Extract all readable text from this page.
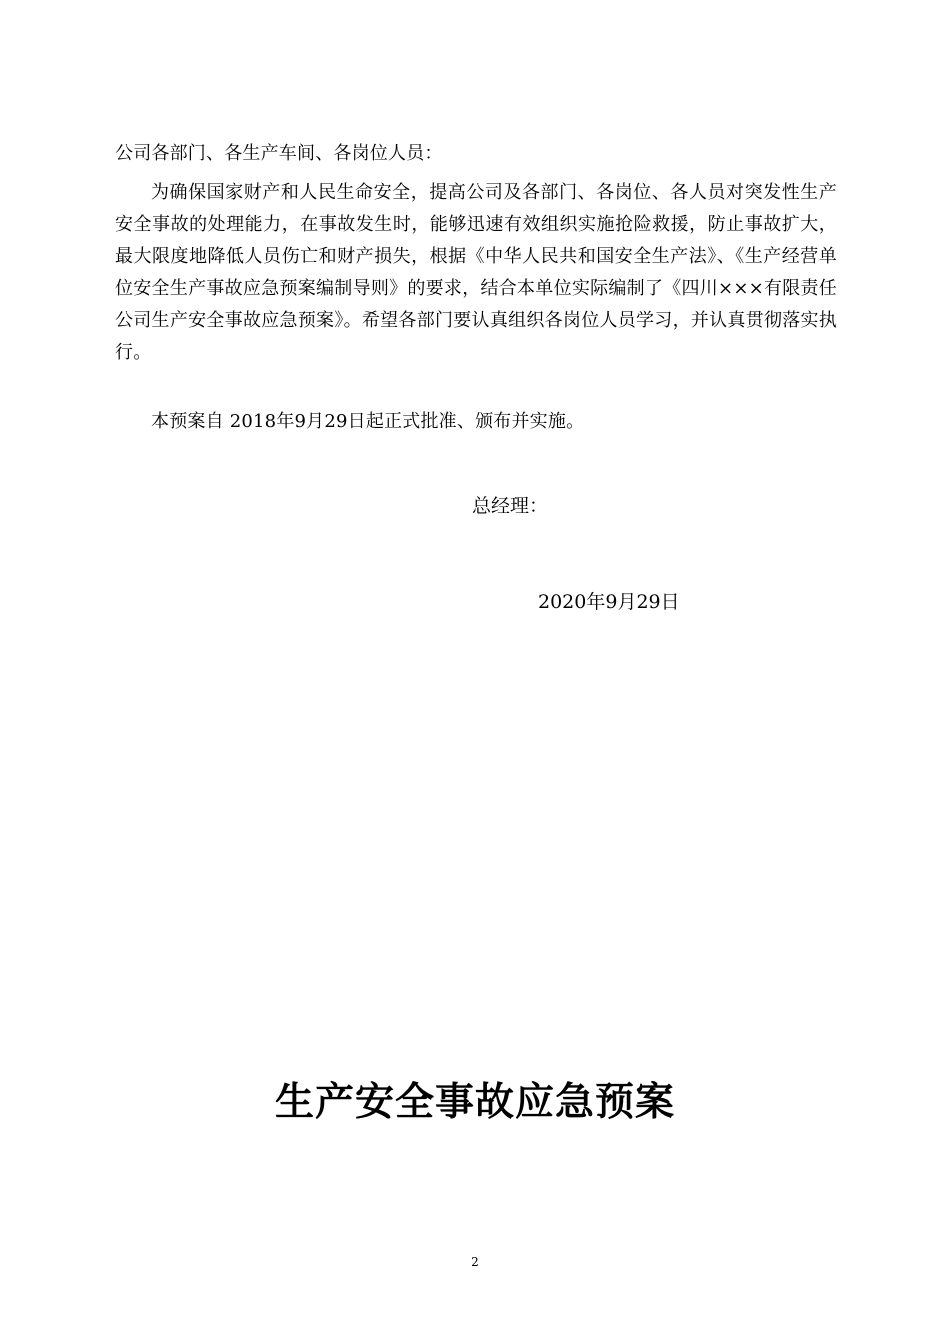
公司各部门、各生产车间、各岗位人员：
为确保国家财产和人民生命安全，提高公司及各部门、各岗位、各人员对突发性生产安全事故的处理能力，在事故发生时，能够迅速有效组织实施抢险救援，防止事故扩大，最大限度地降低人员伤亡和财产损失，根据《中华人民共和国安全生产法》、《生产经营单位安全生产事故应急预案编制导则》的要求，结合本单位实际编制了《四川×××有限责任公司生产安全事故应急预案》。希望各部门要认真组织各岗位人员学习，并认真贯彻落实执行。
本预案自 2018年9月29日起正式批准、颁布并实施。
总经理：
2020年9月29日
生产安全事故应急预案
2
